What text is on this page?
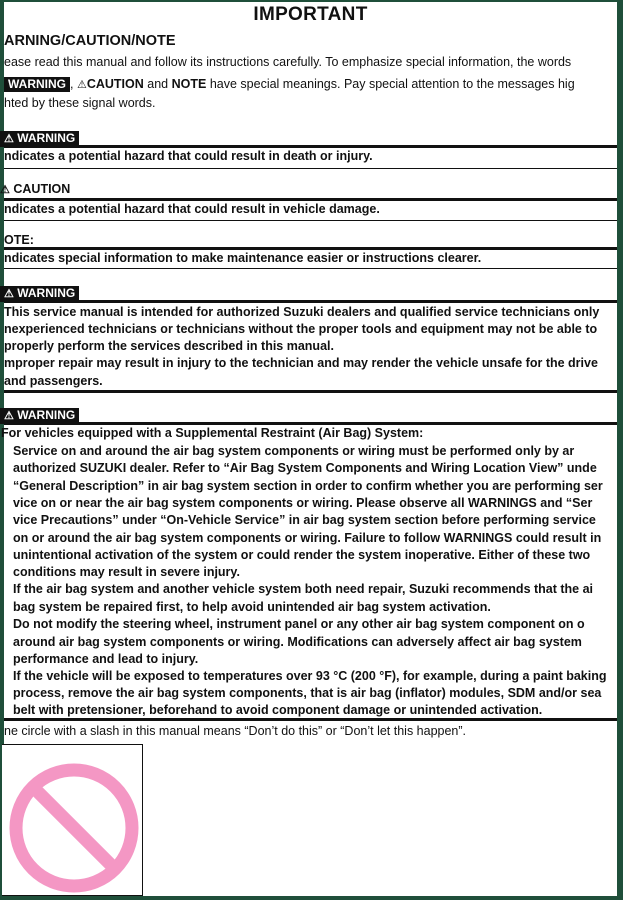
IMPORTANT
ARNING/CAUTION/NOTE
ease read this manual and follow its instructions carefully. To emphasize special information, the words
WARNING , ⚠CAUTION and NOTE have special meanings. Pay special attention to the messages hig
hted by these signal words.
⚠ WARNING
ndicates a potential hazard that could result in death or injury.
⚠ CAUTION
ndicates a potential hazard that could result in vehicle damage.
OTE:
ndicates special information to make maintenance easier or instructions clearer.
⚠ WARNING
This service manual is intended for authorized Suzuki dealers and qualified service technicians only
nexperienced technicians or technicians without the proper tools and equipment may not be able to
properly perform the services described in this manual.
mproper repair may result in injury to the technician and may render the vehicle unsafe for the drive
and passengers.
⚠ WARNING
For vehicles equipped with a Supplemental Restraint (Air Bag) System:
Service on and around the air bag system components or wiring must be performed only by ar
authorized SUZUKI dealer. Refer to “Air Bag System Components and Wiring Location View” unde
“General Description” in air bag system section in order to confirm whether you are performing ser
vice on or near the air bag system components or wiring. Please observe all WARNINGS and “Ser
vice Precautions” under “On-Vehicle Service” in air bag system section before performing service
on or around the air bag system components or wiring. Failure to follow WARNINGS could result in
unintentional activation of the system or could render the system inoperative. Either of these two
conditions may result in severe injury.
If the air bag system and another vehicle system both need repair, Suzuki recommends that the ai
bag system be repaired first, to help avoid unintended air bag system activation.
Do not modify the steering wheel, instrument panel or any other air bag system component on o
around air bag system components or wiring. Modifications can adversely affect air bag system
performance and lead to injury.
If the vehicle will be exposed to temperatures over 93 °C (200 °F), for example, during a paint baking
process, remove the air bag system components, that is air bag (inflator) modules, SDM and/or sea
belt with pretensioner, beforehand to avoid component damage or unintended activation.
ne circle with a slash in this manual means “Don’t do this” or “Don’t let this happen”.
